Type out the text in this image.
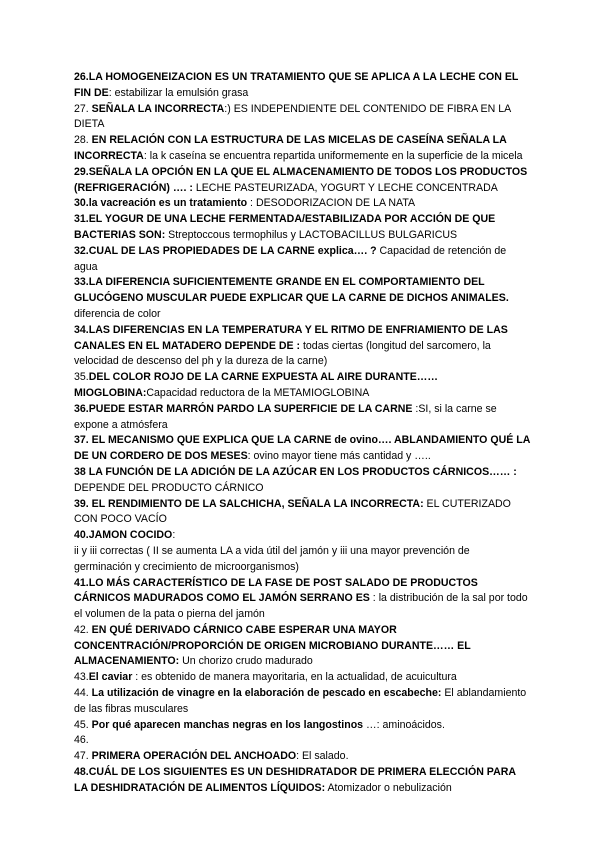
26.LA HOMOGENEIZACION ES UN TRATAMIENTO QUE SE APLICA A LA LECHE CON EL FIN DE: estabilizar la emulsión grasa

27. SEÑALA LA INCORRECTA:) ES INDEPENDIENTE DEL CONTENIDO DE FIBRA EN LA DIETA

28. EN RELACIÓN CON LA ESTRUCTURA DE LAS MICELAS DE CASEÍNA SEÑALA LA INCORRECTA: la k caseína se encuentra repartida uniformemente en la superficie de la micela

29.SEÑALA LA OPCIÓN EN LA QUE EL ALMACENAMIENTO DE TODOS LOS PRODUCTOS (REFRIGERACIÓN) …. : LECHE PASTEURIZADA, YOGURT Y LECHE CONCENTRADA

30.la vacreación es un tratamiento : DESODORIZACION DE LA NATA

31.EL YOGUR DE UNA LECHE FERMENTADA/ESTABILIZADA POR ACCIÓN DE QUE BACTERIAS SON: Streptoccous termophilus y LACTOBACILLUS BULGARICUS

32.CUAL DE LAS PROPIEDADES DE LA CARNE explica…. ? Capacidad de retención de agua

33.LA DIFERENCIA SUFICIENTEMENTE GRANDE EN EL COMPORTAMIENTO DEL GLUCÓGENO MUSCULAR PUEDE EXPLICAR QUE LA CARNE DE DICHOS ANIMALES. diferencia de color

34.LAS DIFERENCIAS EN LA TEMPERATURA Y EL RITMO DE ENFRIAMIENTO DE LAS CANALES EN EL MATADERO DEPENDE DE : todas ciertas (longitud del sarcomero, la velocidad de descenso del ph y la dureza de la carne)

35.DEL COLOR ROJO DE LA CARNE EXPUESTA AL AIRE DURANTE…… MIOGLOBINA:Capacidad reductora de la METAMIOGLOBINA

36.PUEDE ESTAR MARRÓN PARDO LA SUPERFICIE DE LA CARNE :SI, si la carne se expone a atmósfera

37. EL MECANISMO QUE EXPLICA QUE LA CARNE de ovino…. ABLANDAMIENTO QUÉ LA DE UN CORDERO DE DOS MESES: ovino mayor tiene más cantidad y …..

38 LA FUNCIÓN DE LA ADICIÓN DE LA AZÚCAR EN LOS PRODUCTOS CÁRNICOS…… : DEPENDE DEL PRODUCTO CÁRNICO

39. EL RENDIMIENTO DE LA SALCHICHA, SEÑALA LA INCORRECTA: EL CUTERIZADO CON POCO VACÍO

40.JAMON COCIDO:

ii y iii correctas ( II se aumenta LA a vida útil del jamón y iii una mayor prevención de germinación y crecimiento de microorganismos)

41.LO MÁS CARACTERÍSTICO DE LA FASE DE POST SALADO DE PRODUCTOS CÁRNICOS MADURADOS COMO EL JAMÓN SERRANO ES : la distribución de la sal por todo el volumen de la pata o pierna del jamón

42. EN QUÉ DERIVADO CÁRNICO CABE ESPERAR UNA MAYOR CONCENTRACIÓN/PROPORCIÓN DE ORIGEN MICROBIANO DURANTE…… EL ALMACENAMIENTO: Un chorizo crudo madurado

43.El caviar : es obtenido de manera mayoritaria, en la actualidad, de acuicultura

44. La utilización de vinagre en la elaboración de pescado en escabeche: El ablandamiento de las fibras musculares

45. Por qué aparecen manchas negras en los langostinos …: aminoácidos.

46.

47. PRIMERA OPERACIÓN DEL ANCHOADO: El salado.

48.CUÁL DE LOS SIGUIENTES ES UN DESHIDRATADOR DE PRIMERA ELECCIÓN PARA LA DESHIDRATACIÓN DE ALIMENTOS LÍQUIDOS: Atomizador o nebulización
